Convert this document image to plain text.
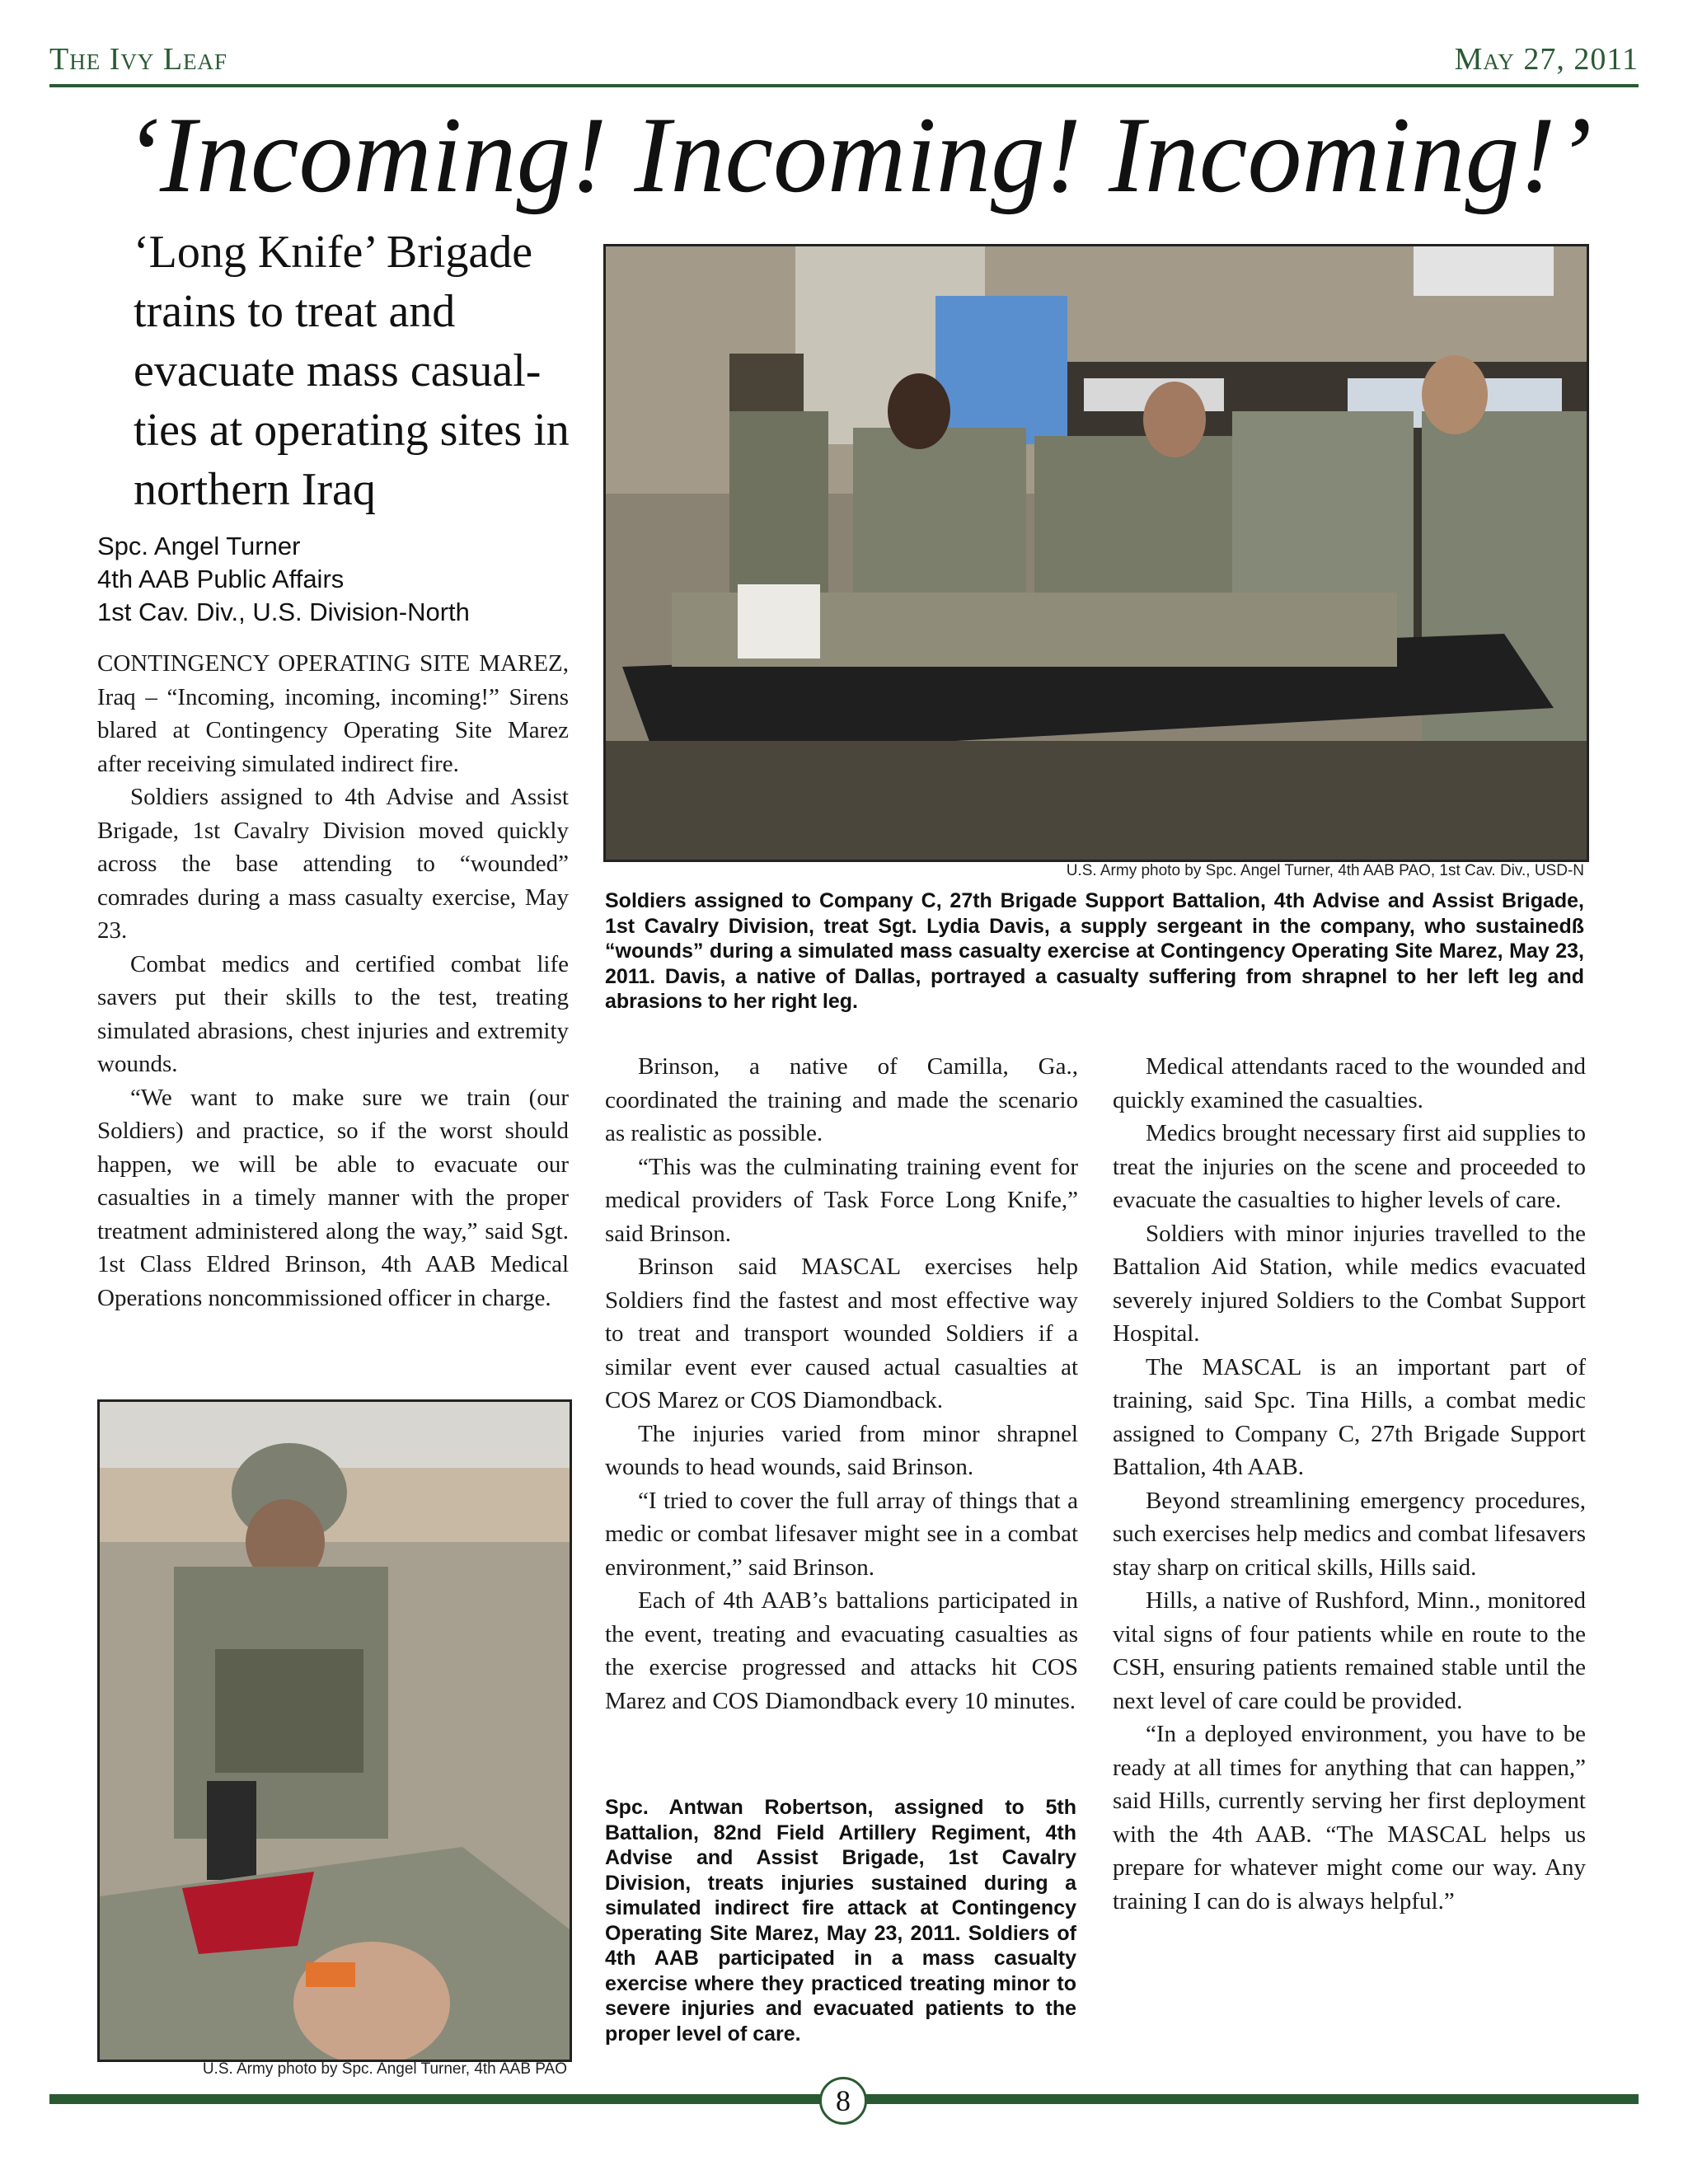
The Ivy Leaf	May 27, 2011
‘Incoming! Incoming! Incoming!’
‘Long Knife’ Brigade trains to treat and evacuate mass casualties at operating sites in northern Iraq
Spc. Angel Turner
4th AAB Public Affairs
1st Cav. Div., U.S. Division-North

CONTINGENCY OPERATING SITE MAREZ, Iraq – “Incoming, incoming, incoming!” Sirens blared at Contingency Operating Site Marez after receiving simulated indirect fire.

Soldiers assigned to 4th Advise and Assist Brigade, 1st Cavalry Division moved quickly across the base attending to “wounded” comrades during a mass casualty exercise, May 23.

Combat medics and certified combat life savers put their skills to the test, treating simulated abrasions, chest injuries and extremity wounds.

“We want to make sure we train (our Soldiers) and practice, so if the worst should happen, we will be able to evacuate our casualties in a timely manner with the proper treatment administered along the way,” said Sgt. 1st Class Eldred Brinson, 4th AAB Medical Operations noncommissioned officer in charge.

U.S. Army photo by Spc. Angel Turner, 4th AAB PAO, 1st Cav. Div., USD-N
Soldiers assigned to Company C, 27th Brigade Support Battalion, 4th Advise and Assist Brigade, 1st Cavalry Division, treat Sgt. Lydia Davis, a supply sergeant in the company, who sustainedß “wounds” during a simulated mass casualty exercise at Contingency Operating Site Marez, May 23, 2011. Davis, a native of Dallas, portrayed a casualty suffering from shrapnel to her left leg and abrasions to her right leg.

Brinson, a native of Camilla, Ga., coordinated the training and made the scenario as realistic as possible.

“This was the culminating training event for medical providers of Task Force Long Knife,” said Brinson.

Brinson said MASCAL exercises help Soldiers find the fastest and most effective way to treat and transport wounded Soldiers if a similar event ever caused actual casualties at COS Marez or COS Diamondback.

The injuries varied from minor shrapnel wounds to head wounds, said Brinson.

“I tried to cover the full array of things that a medic or combat lifesaver might see in a combat environment,” said Brinson.

Each of 4th AAB’s battalions participated in the event, treating and evacuating casualties as the exercise progressed and attacks hit COS Marez and COS Diamondback every 10 minutes.

Medical attendants raced to the wounded and quickly examined the casualties.

Medics brought necessary first aid supplies to treat the injuries on the scene and proceeded to evacuate the casualties to higher levels of care.

Soldiers with minor injuries travelled to the Battalion Aid Station, while medics evacuated severely injured Soldiers to the Combat Support Hospital.

The MASCAL is an important part of training, said Spc. Tina Hills, a combat medic assigned to Company C, 27th Brigade Support Battalion, 4th AAB.

Beyond streamlining emergency procedures, such exercises help medics and combat lifesavers stay sharp on critical skills, Hills said.

Hills, a native of Rushford, Minn., monitored vital signs of four patients while en route to the CSH, ensuring patients remained stable until the next level of care could be provided.

“In a deployed environment, you have to be ready at all times for anything that can happen,” said Hills, currently serving her first deployment with the 4th AAB. “The MASCAL helps us prepare for whatever might come our way. Any training I can do is always helpful.”

U.S. Army photo by Spc. Angel Turner, 4th AAB PAO
Spc. Antwan Robertson, assigned to 5th Battalion, 82nd Field Artillery Regiment, 4th Advise and Assist Brigade, 1st Cavalry Division, treats injuries sustained during a simulated indirect fire attack at Contingency Operating Site Marez, May 23, 2011. Soldiers of 4th AAB participated in a mass casualty exercise where they practiced treating minor to severe injuries and evacuated patients to the proper level of care.
8
